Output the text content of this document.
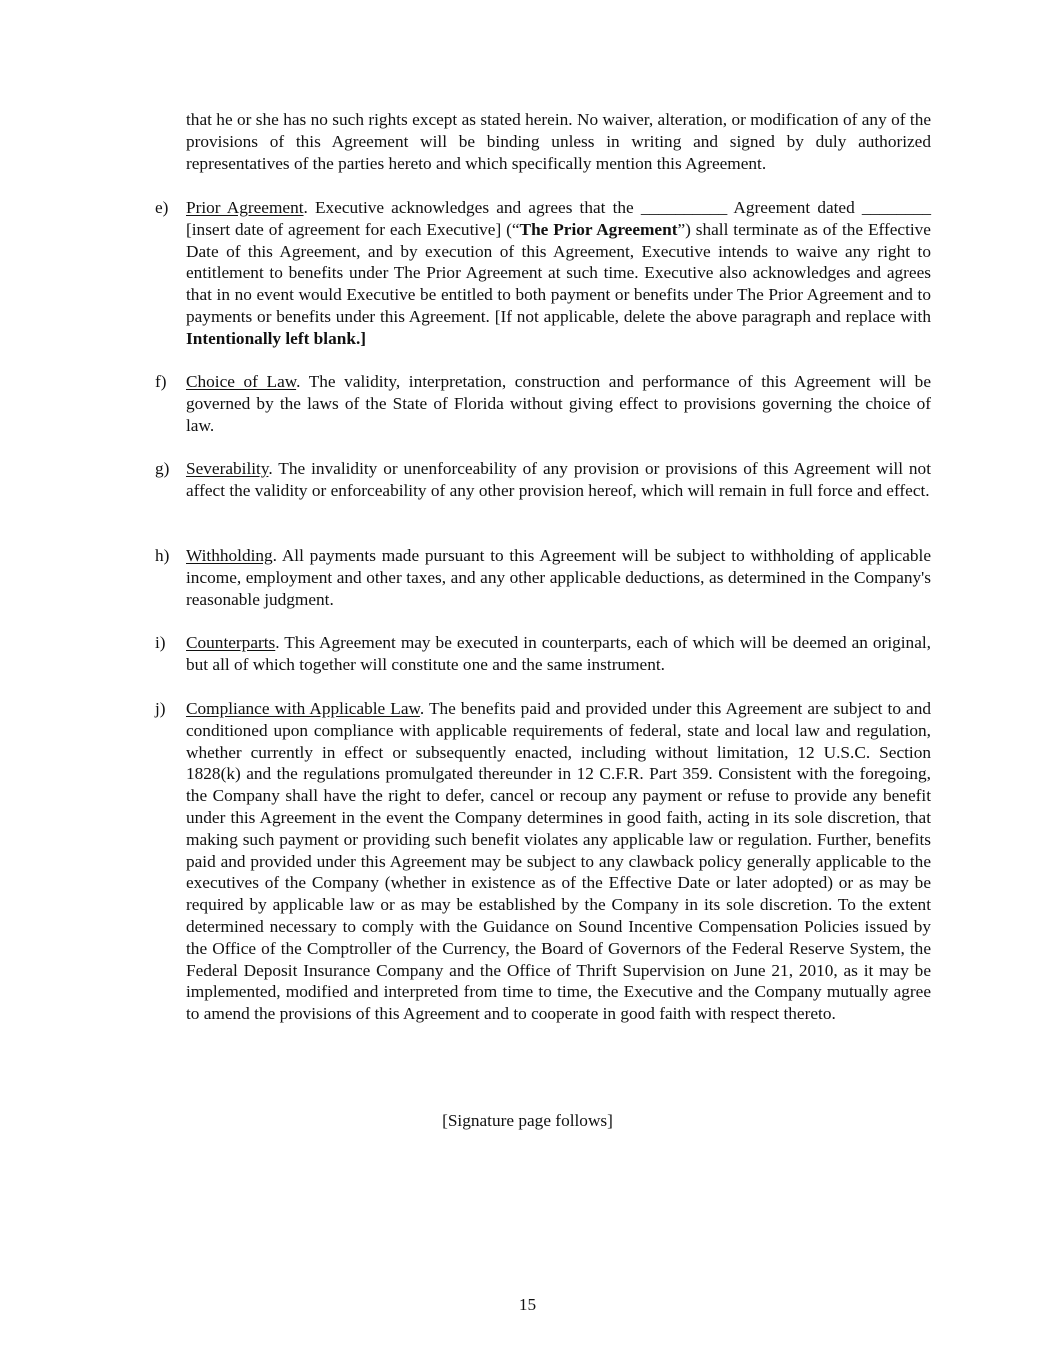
that he or she has no such rights except as stated herein. No waiver, alteration, or modification of any of the provisions of this Agreement will be binding unless in writing and signed by duly authorized representatives of the parties hereto and which specifically mention this Agreement.
e)	Prior Agreement. Executive acknowledges and agrees that the __________ Agreement dated ________ [insert date of agreement for each Executive] (“The Prior Agreement”) shall terminate as of the Effective Date of this Agreement, and by execution of this Agreement, Executive intends to waive any right to entitlement to benefits under The Prior Agreement at such time. Executive also acknowledges and agrees that in no event would Executive be entitled to both payment or benefits under The Prior Agreement and to payments or benefits under this Agreement. [If not applicable, delete the above paragraph and replace with Intentionally left blank.]
f)	Choice of Law. The validity, interpretation, construction and performance of this Agreement will be governed by the laws of the State of Florida without giving effect to provisions governing the choice of law.
g) Severability. The invalidity or unenforceability of any provision or provisions of this Agreement will not affect the validity or enforceability of any other provision hereof, which will remain in full force and effect.
h) Withholding. All payments made pursuant to this Agreement will be subject to withholding of applicable income, employment and other taxes, and any other applicable deductions, as determined in the Company's reasonable judgment.
i)	Counterparts. This Agreement may be executed in counterparts, each of which will be deemed an original, but all of which together will constitute one and the same instrument.
j)	Compliance with Applicable Law. The benefits paid and provided under this Agreement are subject to and conditioned upon compliance with applicable requirements of federal, state and local law and regulation, whether currently in effect or subsequently enacted, including without limitation, 12 U.S.C. Section 1828(k) and the regulations promulgated thereunder in 12 C.F.R. Part 359. Consistent with the foregoing, the Company shall have the right to defer, cancel or recoup any payment or refuse to provide any benefit under this Agreement in the event the Company determines in good faith, acting in its sole discretion, that making such payment or providing such benefit violates any applicable law or regulation. Further, benefits paid and provided under this Agreement may be subject to any clawback policy generally applicable to the executives of the Company (whether in existence as of the Effective Date or later adopted) or as may be required by applicable law or as may be established by the Company in its sole discretion. To the extent determined necessary to comply with the Guidance on Sound Incentive Compensation Policies issued by the Office of the Comptroller of the Currency, the Board of Governors of the Federal Reserve System, the Federal Deposit Insurance Company and the Office of Thrift Supervision on June 21, 2010, as it may be implemented, modified and interpreted from time to time, the Executive and the Company mutually agree to amend the provisions of this Agreement and to cooperate in good faith with respect thereto.
[Signature page follows]
15
